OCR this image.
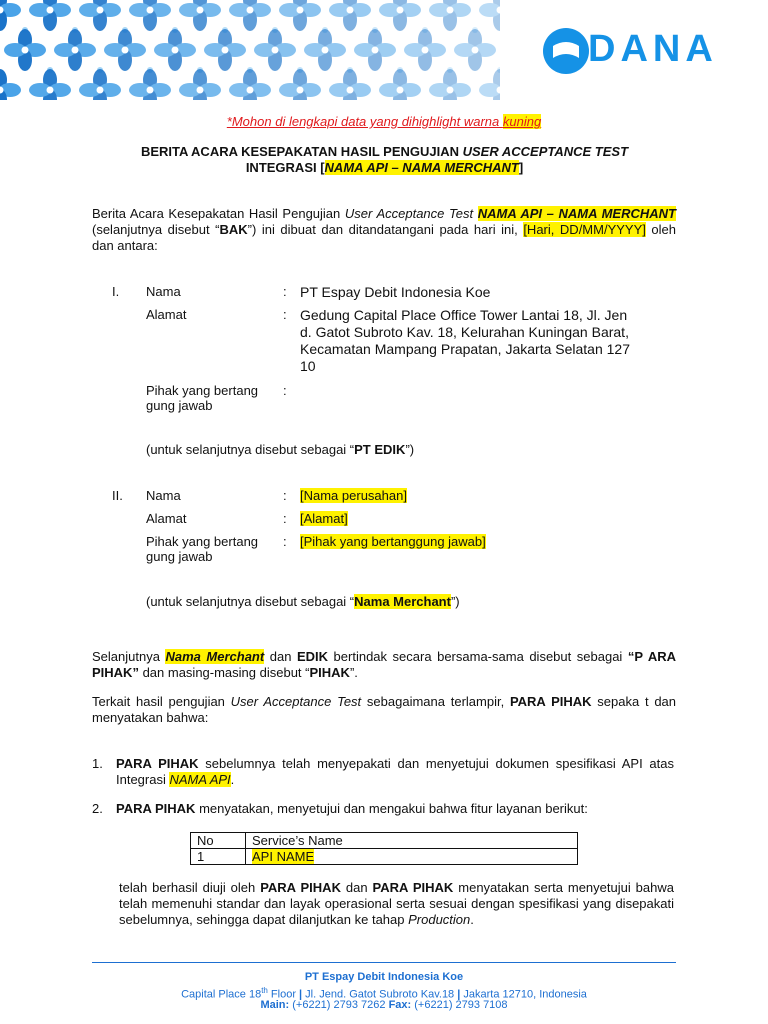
DANA
*Mohon di lengkapi data yang dihighlight warna kuning
BERITA ACARA KESEPAKATAN HASIL PENGUJIAN USER ACCEPTANCE TEST
INTEGRASI [NAMA API – NAMA MERCHANT]
Berita Acara Kesepakatan Hasil Pengujian User Acceptance Test NAMA API – NAMA MERCHANT (selanjutnya disebut “BAK”) ini dibuat dan ditandatangani pada hari ini, [Hari, DD/MM/YYYY] oleh dan antara:
I. Nama	: PT Espay Debit Indonesia Koe
Alamat	: Gedung Capital Place Office Tower Lantai 18, Jl. Jen
d. Gatot Subroto Kav. 18, Kelurahan Kuningan Barat,
Kecamatan Mampang Prapatan, Jakarta Selatan 127
10
Pihak yang bertang
gung jawab
:
(untuk selanjutnya disebut sebagai “PT EDIK”)
II. Nama	: [Nama perusahan]
Alamat	: [Alamat]
Pihak yang bertang
gung jawab
: [Pihak yang bertanggung jawab]
(untuk selanjutnya disebut sebagai “Nama Merchant”)
Selanjutnya Nama Merchant dan EDIK bertindak secara bersama-sama disebut sebagai “P ARA PIHAK” dan masing-masing disebut “PIHAK”.
Terkait hasil pengujian User Acceptance Test sebagaimana terlampir, PARA PIHAK sepaka t dan menyatakan bahwa:
1. PARA PIHAK sebelumnya telah menyepakati dan menyetujui dokumen spesifikasi API atas Integrasi NAMA API.
2. PARA PIHAK menyatakan, menyetujui dan mengakui bahwa fitur layanan berikut:
No	Service’s Name
1	API NAME
telah berhasil diuji oleh PARA PIHAK dan PARA PIHAK menyatakan serta menyetujui bahwa telah memenuhi standar dan layak operasional serta sesuai dengan spesifikasi yang disepakati sebelumnya, sehingga dapat dilanjutkan ke tahap Production.
PT Espay Debit Indonesia Koe
Capital Place 18th Floor | Jl. Jend. Gatot Subroto Kav.18 | Jakarta 12710, Indonesia
Main: (+6221) 2793 7262 Fax: (+6221) 2793 7108
